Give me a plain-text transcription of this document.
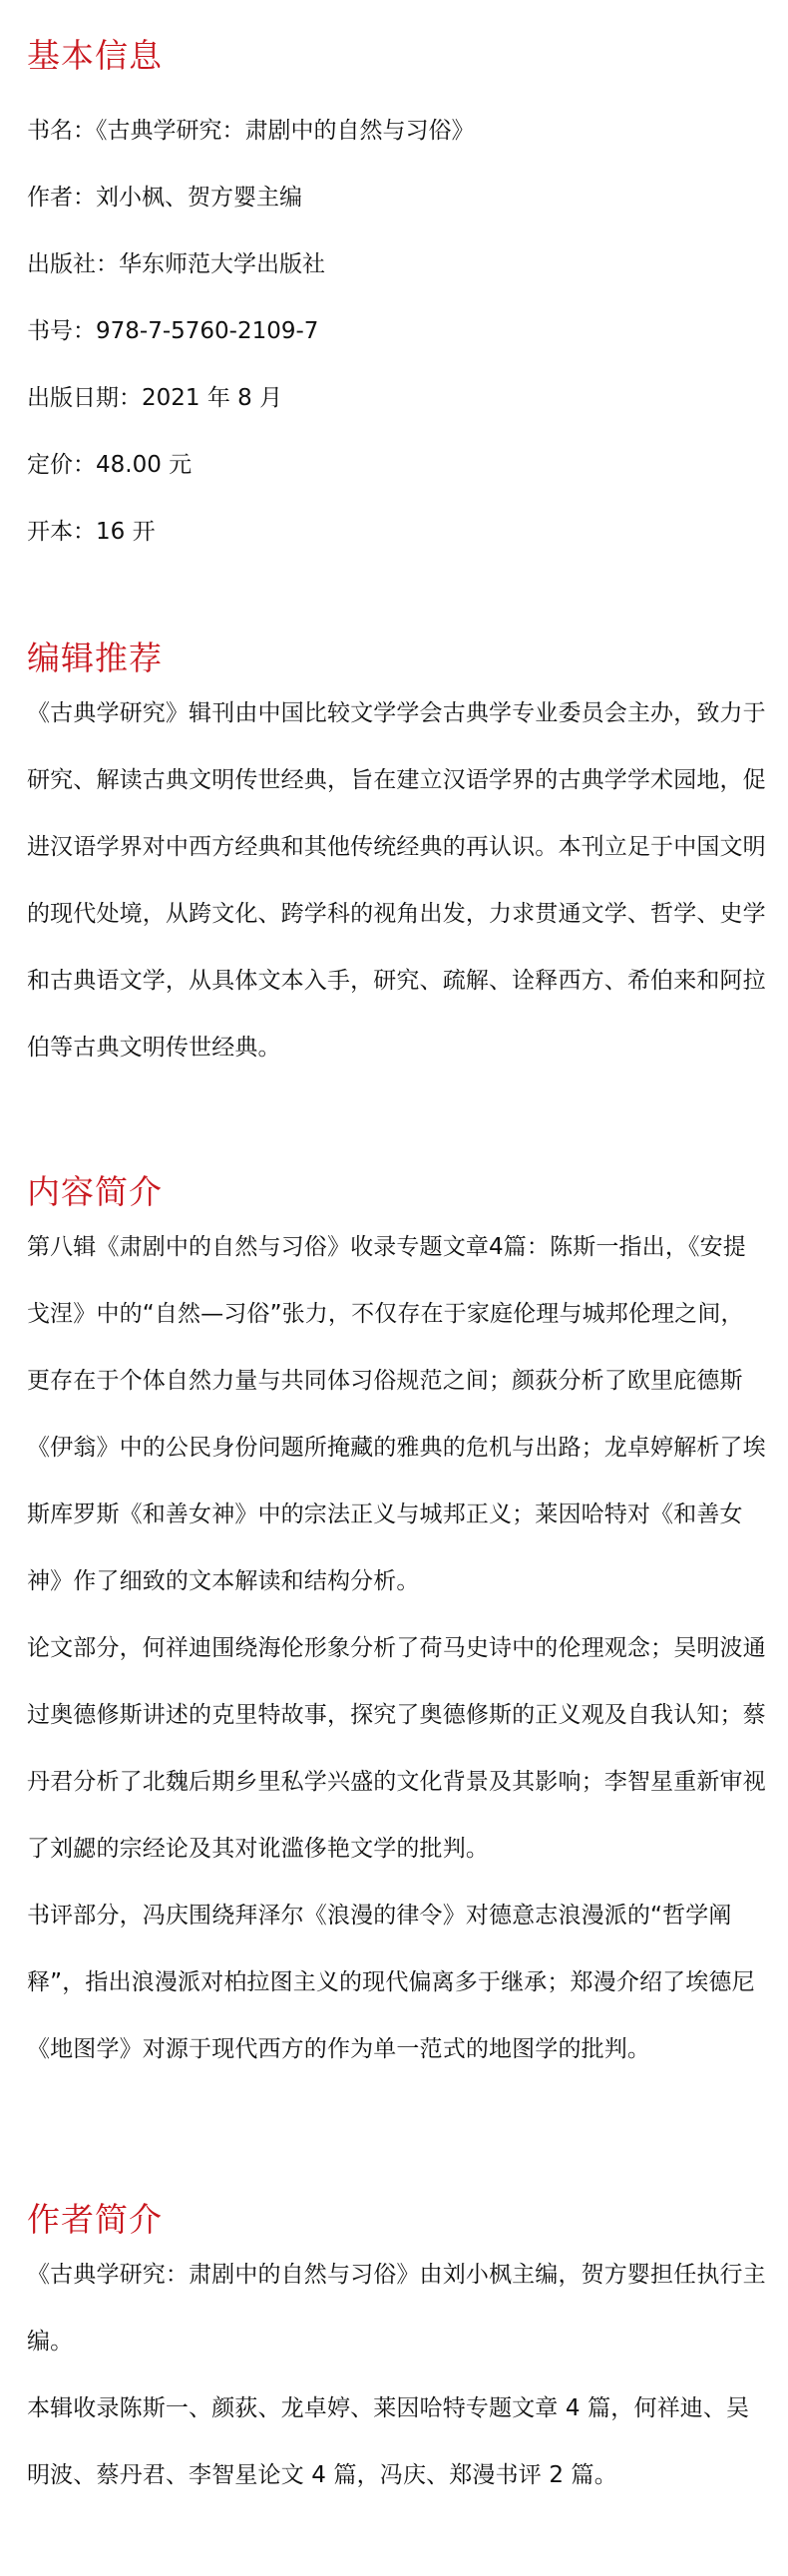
基本信息
书名：《古典学研究：肃剧中的自然与习俗》
作者：刘小枫、贺方婴主编
出版社：华东师范大学出版社
书号：978-7-5760-2109-7
出版日期：2021 年 8 月
定价：48.00 元
开本：16 开
编辑推荐

《古典学研究》辑刊由中国比较文学学会古典学专业委员会主办，致力于研究、解读古典文明传世经典，旨在建立汉语学界的古典学学术园地，促进汉语学界对中西方经典和其他传统经典的再认识。本刊立足于中国文明的现代处境，从跨文化、跨学科的视角出发，力求贯通文学、哲学、史学和古典语文学，从具体文本入手，研究、疏解、诠释西方、希伯来和阿拉伯等古典文明传世经典。

内容简介

第八辑《肃剧中的自然与习俗》收录专题文章4篇：陈斯一指出，《安提戈涅》中的“自然—习俗”张力，不仅存在于家庭伦理与城邦伦理之间，更存在于个体自然力量与共同体习俗规范之间；颜荻分析了欧里庇德斯《伊翁》中的公民身份问题所掩藏的雅典的危机与出路；龙卓婷解析了埃斯库罗斯《和善女神》中的宗法正义与城邦正义；莱因哈特对《和善女神》作了细致的文本解读和结构分析。

论文部分，何祥迪围绕海伦形象分析了荷马史诗中的伦理观念；吴明波通过奥德修斯讲述的克里特故事，探究了奥德修斯的正义观及自我认知；蔡丹君分析了北魏后期乡里私学兴盛的文化背景及其影响；李智星重新审视了刘勰的宗经论及其对讹滥侈艳文学的批判。

书评部分，冯庆围绕拜泽尔《浪漫的律令》对德意志浪漫派的“哲学阐释”，指出浪漫派对柏拉图主义的现代偏离多于继承；郑漫介绍了埃德尼《地图学》对源于现代西方的作为单一范式的地图学的批判。

作者简介

《古典学研究：肃剧中的自然与习俗》由刘小枫主编，贺方婴担任执行主编。

本辑收录陈斯一、颜荻、龙卓婷、莱因哈特专题文章 4 篇，何祥迪、吴明波、蔡丹君、李智星论文 4 篇，冯庆、郑漫书评 2 篇。
